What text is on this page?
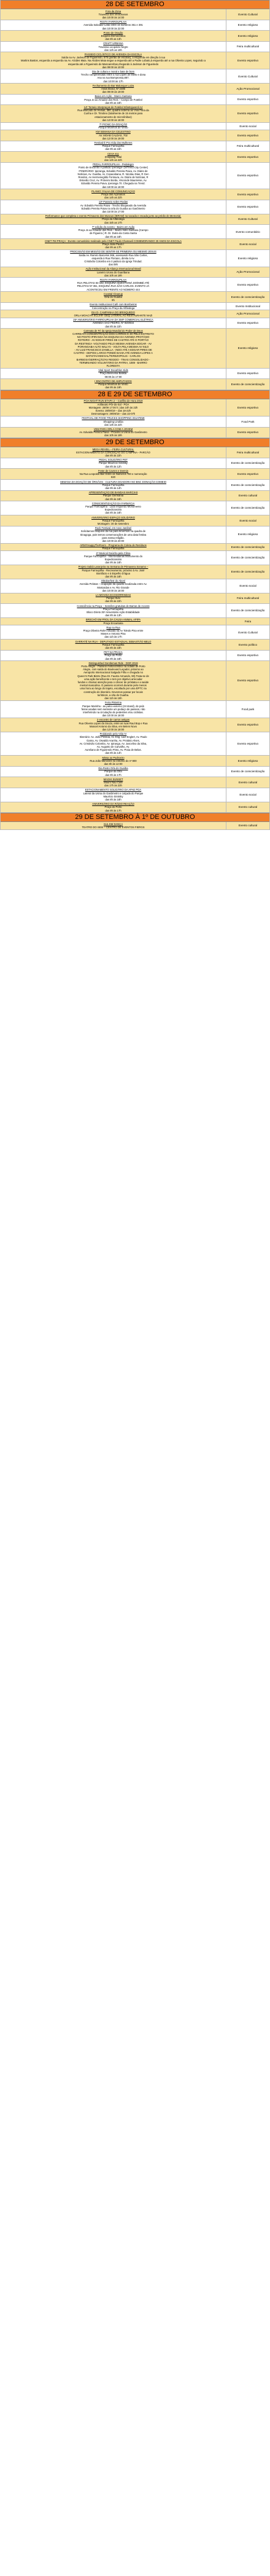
28 DE SETEMBRO
Fora da Zona
Travessa dos Venezianos
das 10:00 às 14:00
Evento Cultural
FESTA FARROUPILHA
Avenida Salvador Leão entre os números 361 e 391
das 10:00 às 22:00
Evento religioso
Ponto de Oração
Esquina Democrática
das 8h as 13h
Evento religioso
CRAFT URBANA
Travessa Leopoldo Negro
das 12h as 19h
Feira multicultural
PASSEIO CICLÍSTICO DE AVENIDA DA ESCOLA
Saída na Av. Jackson de Figueiredo, 675 (portão de escolas), a esquerda em direção à rua
Martins Bastos, esquerda a esquerda na Av. Alcides Maia. Na Alcides Maia segue a esquerda até a Padre Lobato,à esquerda até a rua Oliveira Lopes, seguindo a
esquerda até a Figueiredo de Mascarenhas,chegando à Jackson de Figueiredo
das 09:00 às 10:00
Evento esportivo
Dia de cultura e moral e bate de bom
Trecho compreendido entre a rua Lopes de Mello e dona
Ana na rua Bompromia,887.
das 10:00 às 17h
Evento Cultural
Fechamento do Bar Malunque Luiza
Assis Brasil, Nº 2486
das 09:00 às 19:00
Ação Promocional
Baixo em Ação - Marco Santana
Praça Jo ao Amador dos Reis – Campo de Futebol
das 8h as 18h
Evento esportivo
14º Torneio Interpraças de Futebol Infantojuvenil AJ
Rua Marcado do Heinas, 380, quadra externa ao Viva Feira da
Cunha e Dr. Timóteo (totalmente de 15 metros para
estacionamento de microônibus)
das 12:00 às 18:00
Evento esportivo
7º PICNIC DA DOAÇÃO
Parque Moinhos de Vento
Evento social
KM SEMANA DA CELESTINO
AV. MOAB CALDAS, 702
das 12:00 às 19:00
Evento esportivo
Festival É Pra Vida dos Mulheres
Parque Farroupilha
das 9h as 16h
Feira multicultural
CEVA 411
Shopping Total
das 14h as 22h
Evento esportivo
PEDAL FARROUPILHA - Pedalegre
Ponto de Encontro e partida: Iperanga- (N/Trend City Center)
ITINERÁRIO: Iperanga, Edvaldo Pereira Paiva, Av. Diário de
Notícias, Av. Guaíba, Av. Copacabana, R. Nicolau Dias, R Gen
Rondon, Av Hermenegildo Fontoura, Av. Diário de Notícias, R
Estevão Cruz, Av. Primeiro Borda, Visconde Mauriense, Av.
Edvaldo Pereira Paiva, Iperanga 70. Chegada na Trend.
das 18:00 às 18:00
Evento esportivo
PLANIO: FALHA DE COMUNICAÇÃO
Praça dos Açorianos
das 14h as 22h
Evento esportivo
13º Passeio sobre Rodas
Av. Edvaldo Pereira Paiva - Trecho bloqueado da Avenida
Edvaldo Pereira Paiva na orla do Guaíba ao Gasômetro
das 15:00 às 17:00
Evento esportivo
Performance que completa o evento Primavera dos Museus (IBRAM) na sacada e escada junto ao prédio do Memorial.
Praça da Alfândega
das 15h as 17h
Evento Cultural
7º edição do evento - Bairro em Ação
Praça Jo ao Amador dos Reis – Bairro Nitro Santana (Campo
de Figueira ) R. Dr. Dutra da Costa Santa
das 9h as 18h
Evento comunitário
CNET FM PRAÇA : Evento comunitário realizado pela CNET Paulo Chamaeli COMEMORANDO 30 ANOS DA ESCOLA
Praça João Paulo I
das 9h as 17h
Evento social
PROCISSÃO EM MISSÃO DE SENTIR-SE PRIMEIRA OU MESMO JESUS
Saída Av. Ramiro Barcelos 366, acessando Rua São Carlos,
esquerda à Rua Floriano, direita à Av.
Cristóvão Colombo em ó palácio da Igreja Trindad.
das 09h
Evento religioso
Ação Institucional da Aliança Internacional Brasil
Laneiro Uruna do Guaribana
das 10h as 19h
Ação Promocional
FESTA FARROUPILHA
RUA PELOTAS 84-182, ESQUINA QUESTIONÁ DO/IMBÉ ATÉ
PELOTAS Nº 361, ESQUINA RUA SÃO CARLOS. EVENTO JÁ
ACONTECEU EM FRENTE AO NÚMERO 444
Evento esportivo
Coastal Cleanup
Orla do Guaíba
9h
Evento de conscientização
Evento Institucional Café com Bombeiros
Concentração na Praça da Alfândega
Evento Institucional
DIA D- CAMPANHA DO BRINQUEDO
ORLA MOACYR SCLIAR- DEQ LATERAL AO RESTAURANTE NAZI
Ação Promocional
25º ANIVERSÁRIO FARROUPILHA DA SMF COMERCIAL ELÉTRICA
AVENIDA SÃO PEDRO, Nº 920/934
das 8h às 22h
Evento esportivo
Carreata de Fé da Igreja Mundial do Poder de Deus
CARREATA CONCENTRAÇÃO DOS CARROS É 3H PELO ESTREITO
NO POSTO IPIRANGA NA ESQUINA DA AVENIDA PROTÁSIO
ROTEIRO - AV EDGAR PIRES DE CASTRO ATÉ O PORTÃO
DA RESTINGA -VOLTANDO PELO MESMA AVENIDA EDGAR - AV
PORANGABA ALTO WILLYS - VOLTA PELA MESMA AV NILO
- AV LUIZ FRANCISCO ZANELLA - INDO ATÉ A EDGAR PIRES DE
CASTRO - DEPOIS LARGO PONDÉ BAHIA ATÉ AVENIDA LOPES A
BATISTA/ANNIVIAL/TEREZOPOLIS - CARLOS
BARBOSA/SERRAÇÃO/AV REGIDO - TINAS CONSOLIDADO -
TERMINANDO VOLUNTÁRIO DA PATRIA, 1089 - BAIRRO
FLORESTA
Evento religioso
Vital Sport Decathlon Kids
Praça Benevina Batista
08:00 às 17:00
Evento esportivo
I ENCONTRO DE AMPUTADOS
Parque Moinhos de Vento
das 9h às 19h
Evento de conscientização
28 E 29 DE SETEMBRO
POA NIGHT RUN ETAPA 2 – Conflito de Hora 2019
Anfiteatro Pôr-do-Sol - POA
Montagem: 28/09 17:00 h | das 10h às 22h
Evento: 28/09/19 – das 18-22h
Desmontagem: 29/09/19 – das 22-07h
Evento esportivo
FESTIVAL DE FOOD TRUCKS SHOPPING IGUATEMI
Shopping Lindóia
das 13h às 22h
Food Park
VEM PARA ORLA COM A JOVEM
Av. Edvaldo Pereira Paiva - Próximo à Usina do Gasômetro
das 10h às 19h
Evento esportivo
29 DE SETEMBRO
MEGA REVEIL – FEIRA CULTURAL
ESTACIONAMENTO DA CONCEIÇÃO DO CAMPINA - PARCÃO
das 8h às 22h
Feira multicultural
PEDAL SOLIDÁRIO PET
Parque Maurício Sirotsky
das 8h às 12h
Evento de conscientização
Feste de Cavren e Dermin
Na Rua Leopoldo Bier Entre os Números 780 e numeração
820
Evento esportivo
SEMANA DA DOAÇÃO DE ÓRGÃOS - CULTURA DOADORA NO BNC DONAÇÃO COMEIO
Parque Farroupilha
das 9h às 14h
Evento de conscientização
APRESENTAÇÃO DE BANDAS MARCIAS
Parque Germânia
das 9h às 18h
Evento cultural
CONSCIENTIZAÇÃO DA FARMÁCIA
Parque Farroupilha - Lado esquerdo Monumento
Expedicionário
das 8h às 18h
Evento de conscientização
ANIVERSÁRIO ESPAÇO SOLIDÁRIO
Parque Farroupilha
Montagem: 30 de setembro
Evento social
Rock Festival, em novo Jardinel
Solicitamos bloqueio da rua para tenermos na quadra de
Sinagoga, pois temos comemorações de uma data festiva
para nossa religião.
das 10:00 às 20:00
Evento religioso
ARMYHappyTheRoom - Programa de Coleta de Resíduos
Parque Farroupilha
Evento de conscientização
2º Musical Gaúcha pela Clima
Parque Farroupilha - Intermediárias Monumento do
Expedicionário
das 9h às 18h
Evento de conscientização
Projeto Sabiá Laranjeira na Semana de Primavera Sonamo –
Parque Farroupilha - Recreamento, próximo à Av. José
Bonifácio e à Espelho D'água
das 9h às 18h
Evento de conscientização
Oktoberfest do Aboré
Avenida Pelotas – ocupação da quadra localizada entre Av.
Mostardas e Av. Rio Grande
das 10:00 às 18:00
Evento social
LA MOVIDA ECOSORRINDAS
Parque Ituni
das 9h às 22h
Feira multicultural
Consciência na Praça – Sessões gratuitas de Barras de Access
Praça Farroupilha
Bloco Direto 25º Aniversário Ação Estabilidade
das 8h às 13h
Evento de conscientização
BRECHÓ EM PROL DA CAUSA ANIMAL APIPA
Praça Encantaria
Feira
Rap na Rua
Praça Oliveira Rolim situada na Av Toledo Pisa entre
Moses e Antonio Pisa
das 11h às 17h
Evento Cultural
GARRATÉ NA RUA - DEPUTADO ESTADUAL SEBASTIÃO MELO
Parque Farroupilha
das 8h às 18h
Evento político
PET NA PRAÇA
Praça do Porto
das 9h às 18h
Evento esportivo
Distinguished Gentleman Ride - DGR 2019
Porto Alegre - Passeio motociclístico na cidade de Porto
Alegre, com saída do Boulevard Laçador, próximo ao
Aeroporto Internacional Salgado Filho e chegada no
Queen's Park Bistro (Rua Dr. Fausto Armando, 90).Trata-se de
uma ação beneficente e tem por objetivo arrecadar
fundos e chamar atenção para o câncer de próstata e a saúde
mental masculina. O passeio ocorrerá durante pelo menos
uma hora ao longo do trajeto, escoltado por uma EPTC na
construção do itinerário. Devemos passar por locais
turísticos, a orla do Guaíba.
das 11h às 15h
Evento esportivo
Feira Pisterina
Parque Marinha - ao palco-externo (24 stand), de país
feiras usadas sem sentente um pedaço de passeio, não
interferindo na circulação de pedestres e/ou ciclistas.
das 10:00 às 18:00
Food park
2 encontro de carros antigos
Rua Oliveira Lopes da Souza, entre as ruas Raul Bop e Rua
Manoel Antonio da Silva, em Belem Novo
das 12:00 às 18:00
Evento esportivo
Pedalando pela Vida IV
Itinerário: Av. João Pessoa, Av. Eng. Luiz Englert, Av. Paulo
Gama, Av. Osvaldo Aranha, Av. Protásio Alves,
Av. Cristóvão Colombo, Av. Ipiranga, Av. Juscelino da Silva,
Av. Augusto de Carvalho, Av.
Aureliano de Figueiredo Pinto, Av. Praia de Belas.
das 8h às 14h
Evento esportivo
Missa ao Padroeiro
Rua João Menezes no entorno do nº 800
das 8h às 12:00
Evento religioso
Dia Rosto Orla do Guaíba
Parque da Orla
das 9h às 17h
Evento de conscientização
MAGHI SUNSET
Mauro Nau Café
das 17h às 23h
Evento cultural
ESTACIONAMENTO SOLIDÁRIO DA APAE POA
Lateral da Usina do Gasômetro e calçada do Parque
Maurício Sirotsky
das 8h às 18h
Evento social
ANIVERSÁRIO DA RÁDIO REAÇÃO
Praça do Porto
das 9h às 17h
Evento cultural
29 DE SETEMBRO À 1º DE OUTUBRO
SUL EM DANÇA
TEATRO DO SESI – CENTRO DE EVENTOS FIERGS
Evento cultural
